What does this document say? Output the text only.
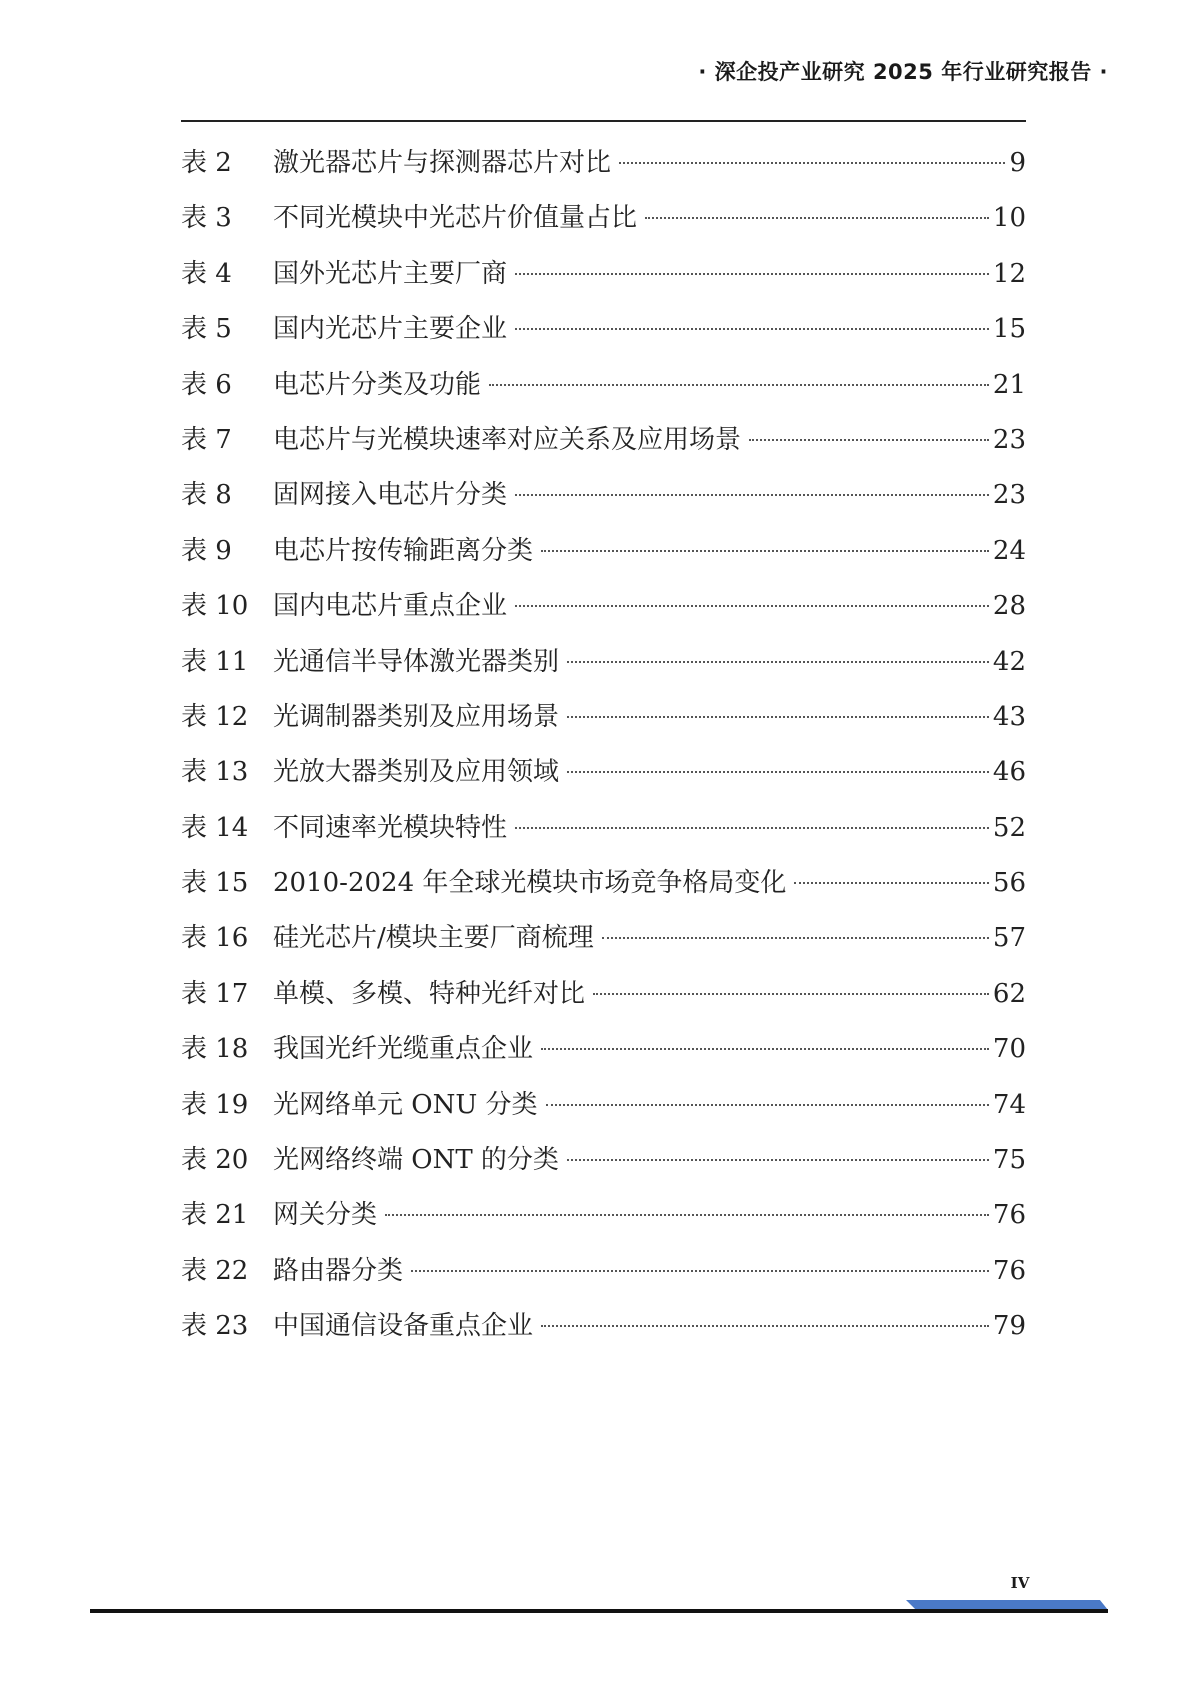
· 深企投产业研究 2025 年行业研究报告 ·
表 2	激光器芯片与探测器芯片对比	9
表 3	不同光模块中光芯片价值量占比	10
表 4	国外光芯片主要厂商	12
表 5	国内光芯片主要企业	15
表 6	电芯片分类及功能	21
表 7	电芯片与光模块速率对应关系及应用场景	23
表 8	固网接入电芯片分类	23
表 9	电芯片按传输距离分类	24
表 10 国内电芯片重点企业	28
表 11 光通信半导体激光器类别	42
表 12 光调制器类别及应用场景	43
表 13 光放大器类别及应用领域	46
表 14 不同速率光模块特性	52
表 15 2010-2024 年全球光模块市场竞争格局变化	56
表 16 硅光芯片/模块主要厂商梳理	57
表 17 单模、多模、特种光纤对比	62
表 18 我国光纤光缆重点企业	70
表 19 光网络单元 ONU 分类	74
表 20 光网络终端 ONT 的分类	75
表 21 网关分类	76
表 22 路由器分类	76
表 23 中国通信设备重点企业	79
IV
